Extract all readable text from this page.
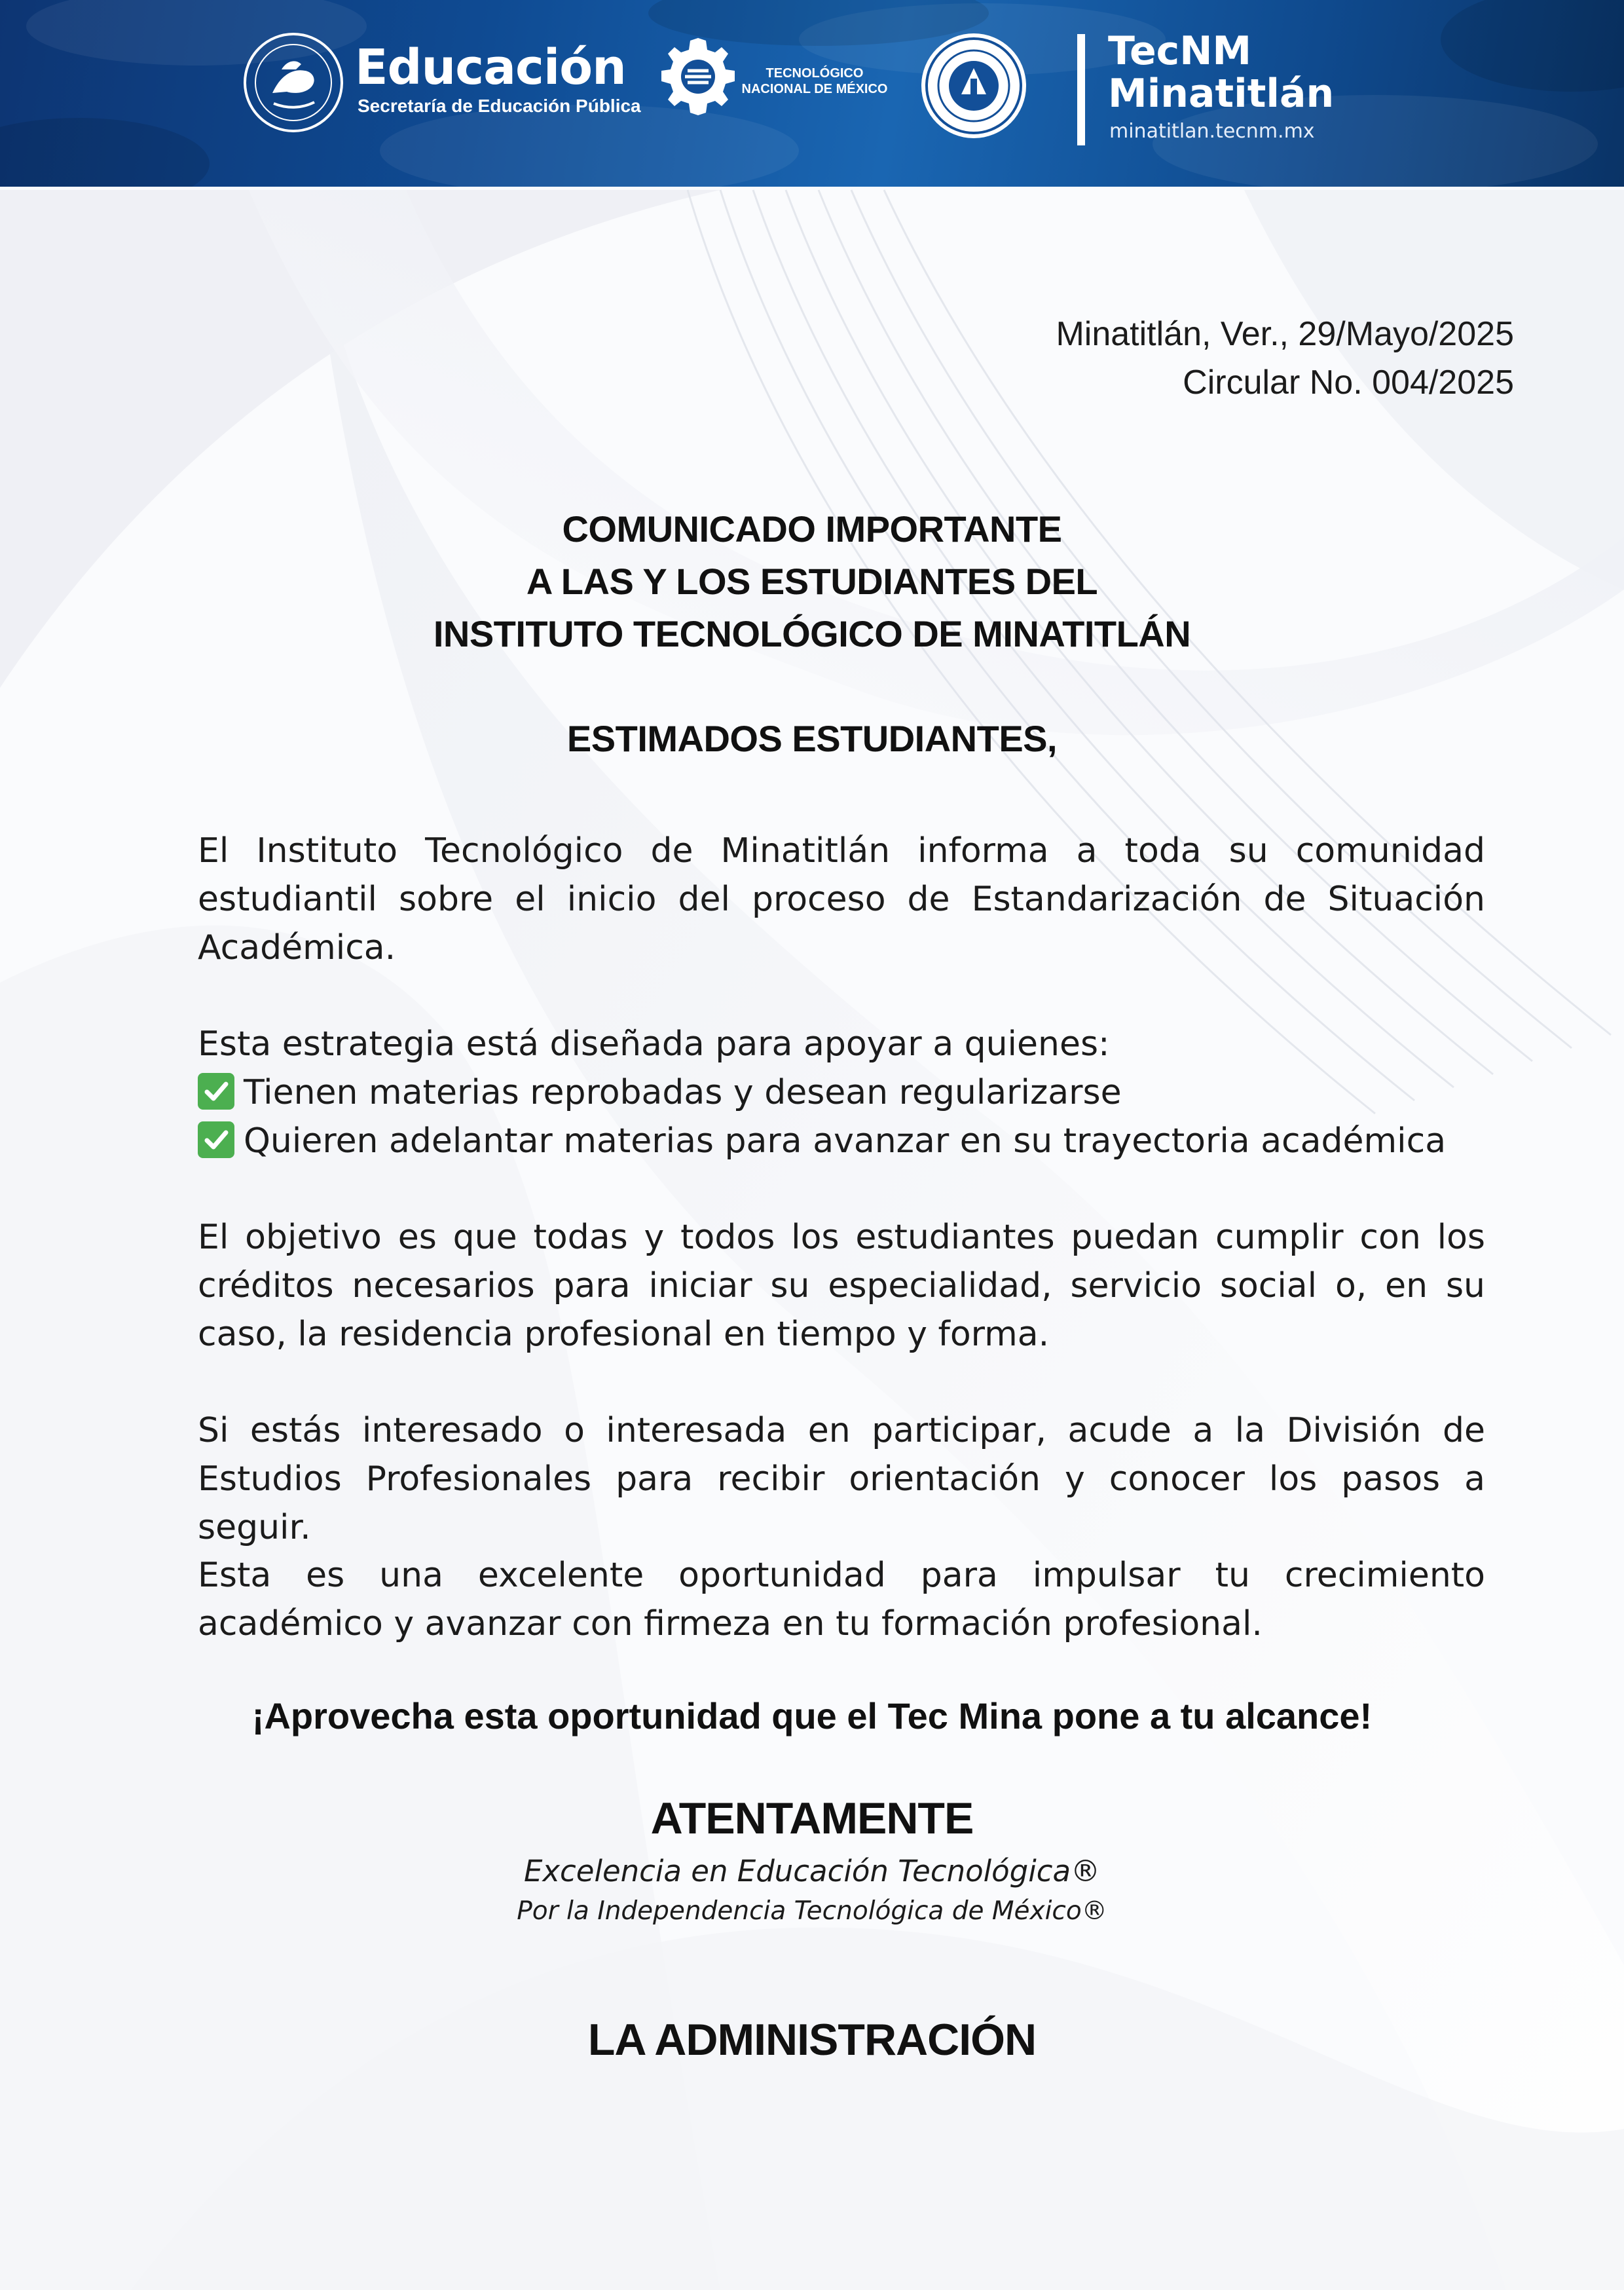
Educación
Secretaría de Educación Pública
TECNOLÓGICO
NACIONAL DE MÉXICO
TecNM
Minatitlán
minatitlan.tecnm.mx
Minatitlán, Ver., 29/Mayo/2025
Circular No. 004/2025
COMUNICADO IMPORTANTE
A LAS Y LOS ESTUDIANTES DEL
INSTITUTO TECNOLÓGICO DE MINATITLÁN
ESTIMADOS ESTUDIANTES,

El Instituto Tecnológico de Minatitlán informa a toda su comunidad estudiantil sobre el inicio del proceso de Estandarización de Situación Académica.

Esta estrategia está diseñada para apoyar a quienes:

Tienen materias reprobadas y desean regularizarse
Quieren adelantar materias para avanzar en su trayectoria académica

El objetivo es que todas y todos los estudiantes puedan cumplir con los créditos necesarios para iniciar su especialidad, servicio social o, en su caso, la residencia profesional en tiempo y forma.

Si estás interesado o interesada en participar, acude a la División de Estudios Profesionales para recibir orientación y conocer los pasos a seguir.

Esta es una excelente oportunidad para impulsar tu crecimiento académico y avanzar con firmeza en tu formación profesional.

¡Aprovecha esta oportunidad que el Tec Mina pone a tu alcance!
ATENTAMENTE
Excelencia en Educación Tecnológica®
Por la Independencia Tecnológica de México®
LA ADMINISTRACIÓN
